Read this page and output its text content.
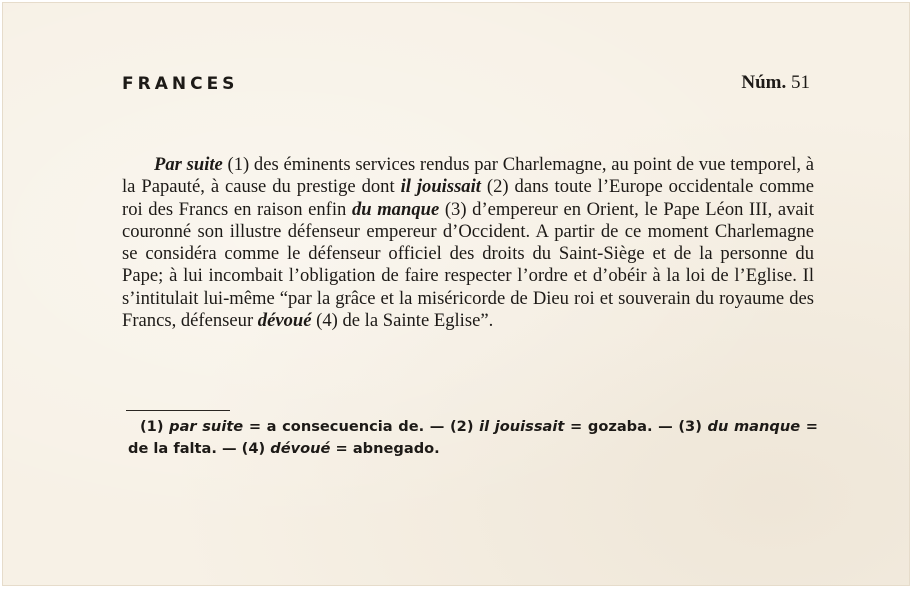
FRANCES	Núm. 51

Par suite (1) des éminents services rendus par Charlemagne, au point de vue temporel, à la Papauté, à cause du prestige dont il jouissait (2) dans toute l’Europe occidentale comme roi des Francs en raison enfin du manque (3) d’empereur en Orient, le Pape Léon III, avait couronné son illustre défenseur empereur d’Occident. A partir de ce moment Charlemagne se considéra comme le défenseur officiel des droits du Saint-Siège et de la personne du Pape; à lui incombait l’obligation de faire respecter l’ordre et d’obéir à la loi de l’Eglise. Il s’intitulait lui-même “par la grâce et la miséricorde de Dieu roi et souverain du royaume des Francs, défenseur dévoué (4) de la Sainte Eglise”.

(1) par suite = a consecuencia de. — (2) il jouissait = gozaba. — (3) du manque = de la falta. — (4) dévoué = abnegado.
